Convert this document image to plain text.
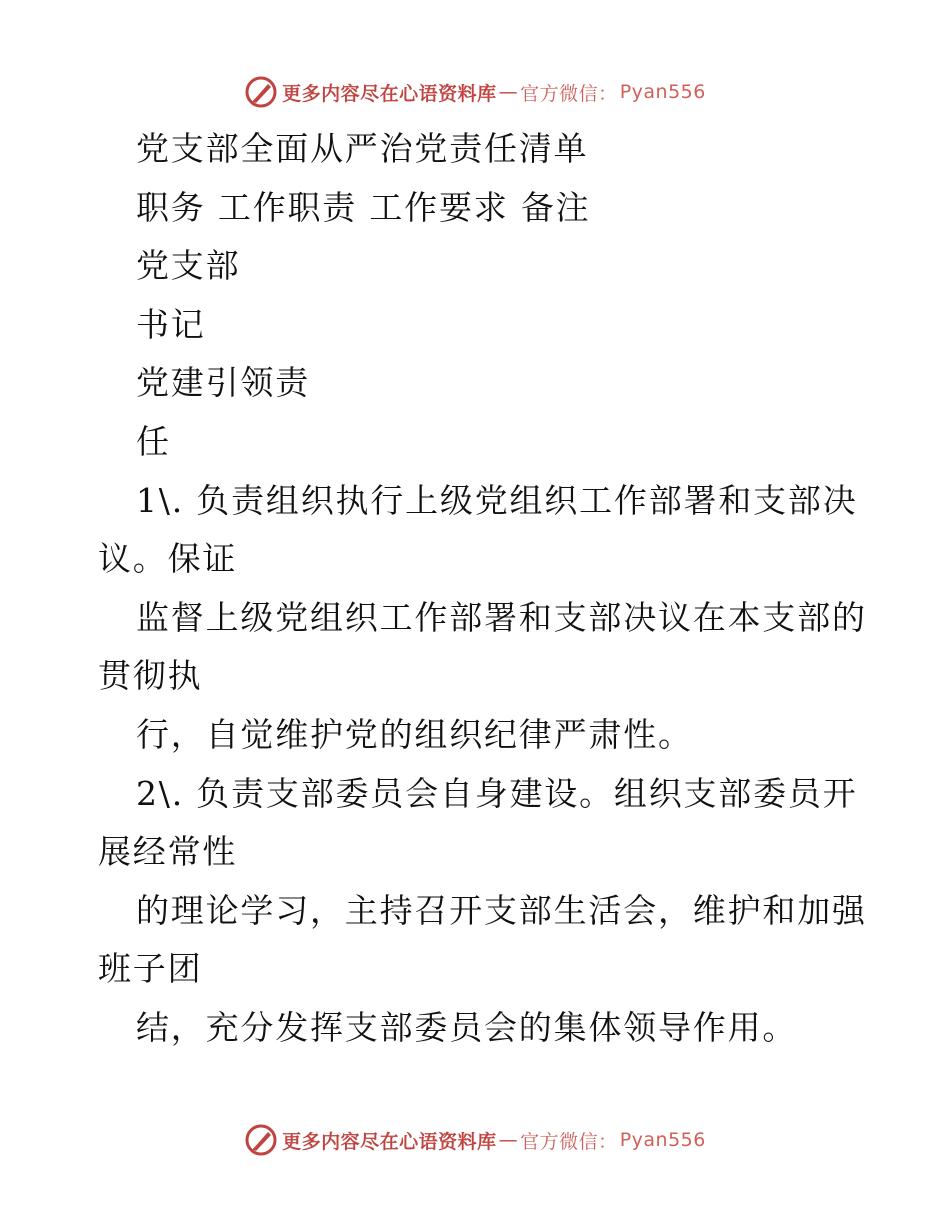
更多内容尽在心语资料库 — 官方微信： Pyan556
党支部全面从严治党责任清单
职务 工作职责 工作要求 备注
党支部
书记
党建引领责
任
1\. 负责组织执行上级党组织工作部署和支部决
议。保证
监督上级党组织工作部署和支部决议在本支部的
贯彻执
行，自觉维护党的组织纪律严肃性。
2\. 负责支部委员会自身建设。组织支部委员开
展经常性
的理论学习，主持召开支部生活会，维护和加强
班子团
结，充分发挥支部委员会的集体领导作用。
更多内容尽在心语资料库 — 官方微信： Pyan556
